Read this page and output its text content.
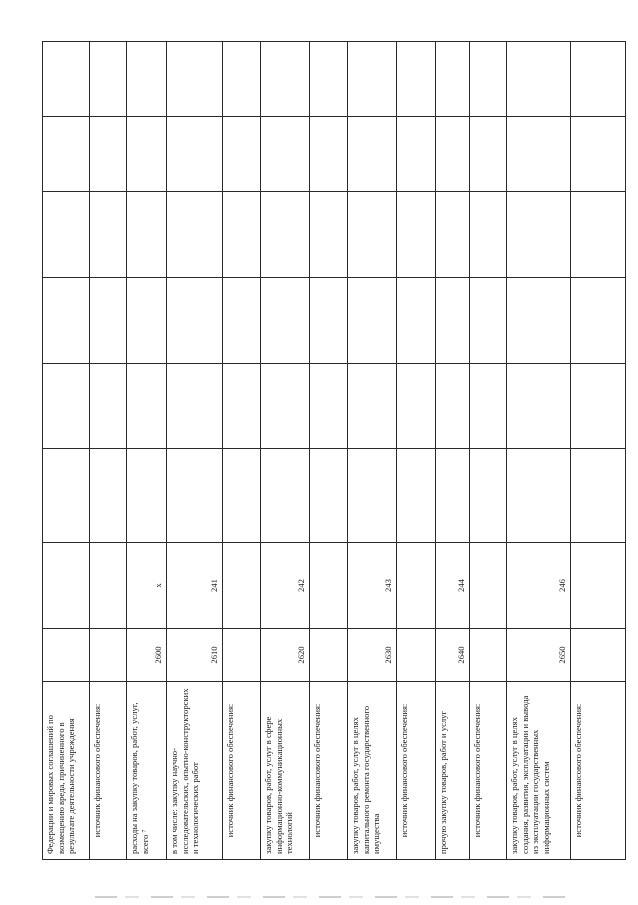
Федерации и мировых соглашений по возмещению вреда, причиненного в результате деятельности учреждения								
источник финансового обеспечения:								
расходы на закупку товаров, работ, услуг, всего ⁷	2600	x						
в том числе: закупку научно-исследовательских, опытно-конструкторских и технологических работ	2610	241						
источник финансового обеспечения:								
закупку товаров, работ, услуг в сфере информационно-коммуникационных технологий	2620	242						
источник финансового обеспечения:								
закупку товаров, работ, услуг в целях капитального ремонта государственного имущества	2630	243						
источник финансового обеспечения:								
прочую закупку товаров, работ и услуг	2640	244						
источник финансового обеспечения:								
закупку товаров, работ, услуг в целях создания, развития, эксплуатации и вывода из эксплуатации государственных информационных систем	2650	246						
источник финансового обеспечения:								
